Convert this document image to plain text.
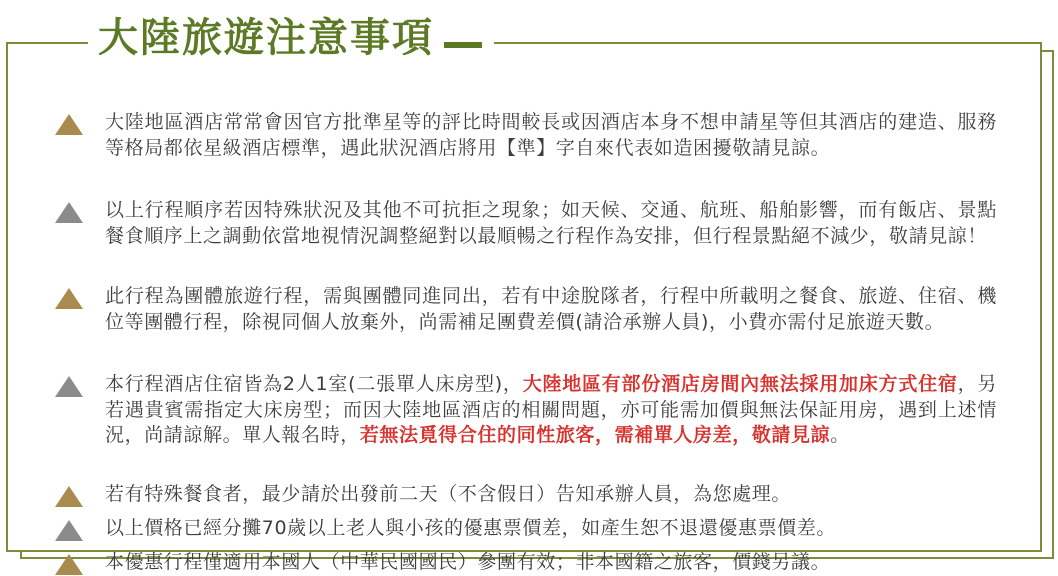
大陸地區酒店常常會因官方批準星等的評比時間較長或因酒店本身不想申請星等但其酒店的建造、服務等格局都依星級酒店標準，遇此狀況酒店將用【準】字自來代表如造困擾敬請見諒。
以上行程順序若因特殊狀況及其他不可抗拒之現象；如天候、交通、航班、船舶影響，而有飯店、景點餐食順序上之調動依當地視情況調整絕對以最順暢之行程作為安排，但行程景點絕不減少，敬請見諒！
此行程為團體旅遊行程，需與團體同進同出，若有中途脫隊者，行程中所載明之餐食、旅遊、住宿、機位等團體行程，除視同個人放棄外，尚需補足團費差價(請洽承辦人員)，小費亦需付足旅遊天數。
本行程酒店住宿皆為2人1室(二張單人床房型)，大陸地區有部份酒店房間內無法採用加床方式住宿，另若遇貴賓需指定大床房型；而因大陸地區酒店的相關問題，亦可能需加價與無法保証用房，遇到上述情況，尚請諒解。單人報名時，若無法覓得合住的同性旅客，需補單人房差，敬請見諒。
若有特殊餐食者，最少請於出發前二天（不含假日）告知承辦人員，為您處理。
以上價格已經分攤70歲以上老人與小孩的優惠票價差，如產生恕不退還優惠票價差。
本優惠行程僅適用本國人（中華民國國民）參團有效；非本國籍之旅客，價錢另議。
大陸旅遊注意事項
